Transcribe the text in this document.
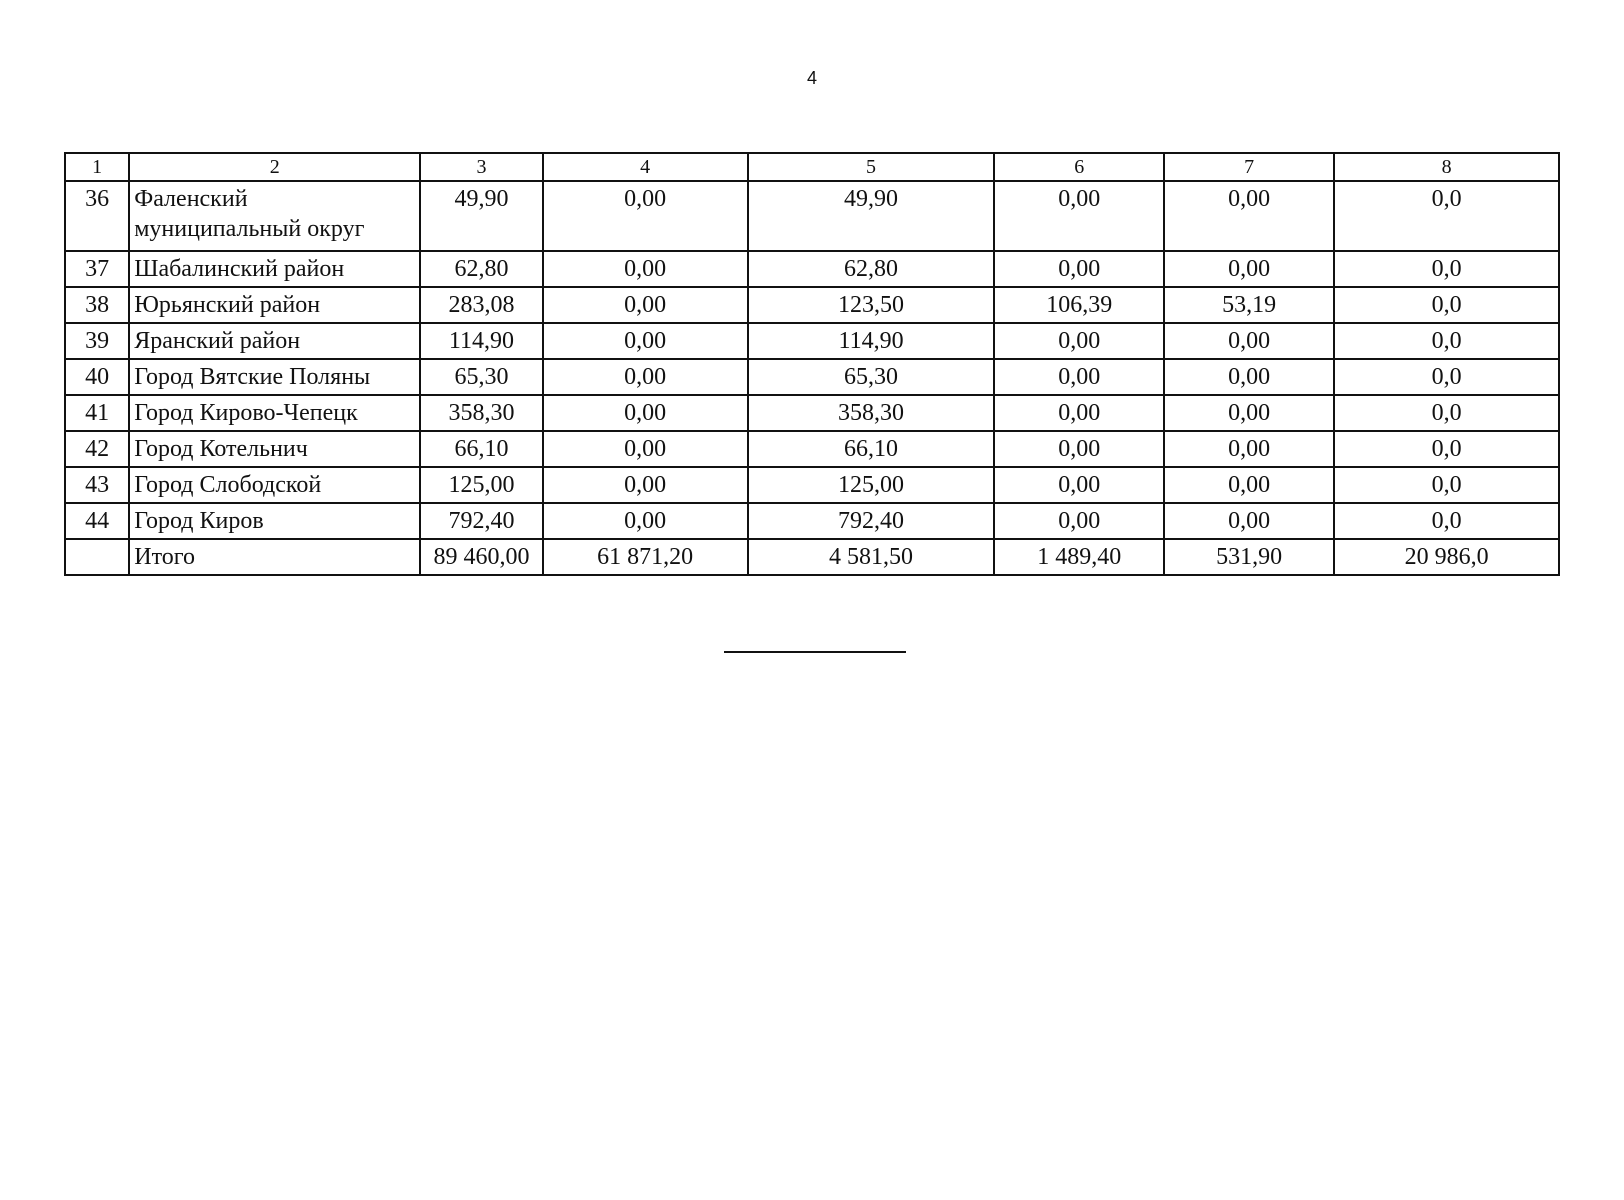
4
1	2	3	4	5	6	7	8
36	Фаленский муниципальный округ	49,90	0,00	49,90	0,00	0,00	0,0
37	Шабалинский район	62,80	0,00	62,80	0,00	0,00	0,0
38	Юрьянский район	283,08	0,00	123,50	106,39	53,19	0,0
39	Яранский район	114,90	0,00	114,90	0,00	0,00	0,0
40	Город Вятские Поляны	65,30	0,00	65,30	0,00	0,00	0,0
41	Город Кирово-Чепецк	358,30	0,00	358,30	0,00	0,00	0,0
42	Город Котельнич	66,10	0,00	66,10	0,00	0,00	0,0
43	Город Слободской	125,00	0,00	125,00	0,00	0,00	0,0
44	Город Киров	792,40	0,00	792,40	0,00	0,00	0,0
	Итого	89 460,00	61 871,20	4 581,50	1 489,40	531,90	20 986,0
